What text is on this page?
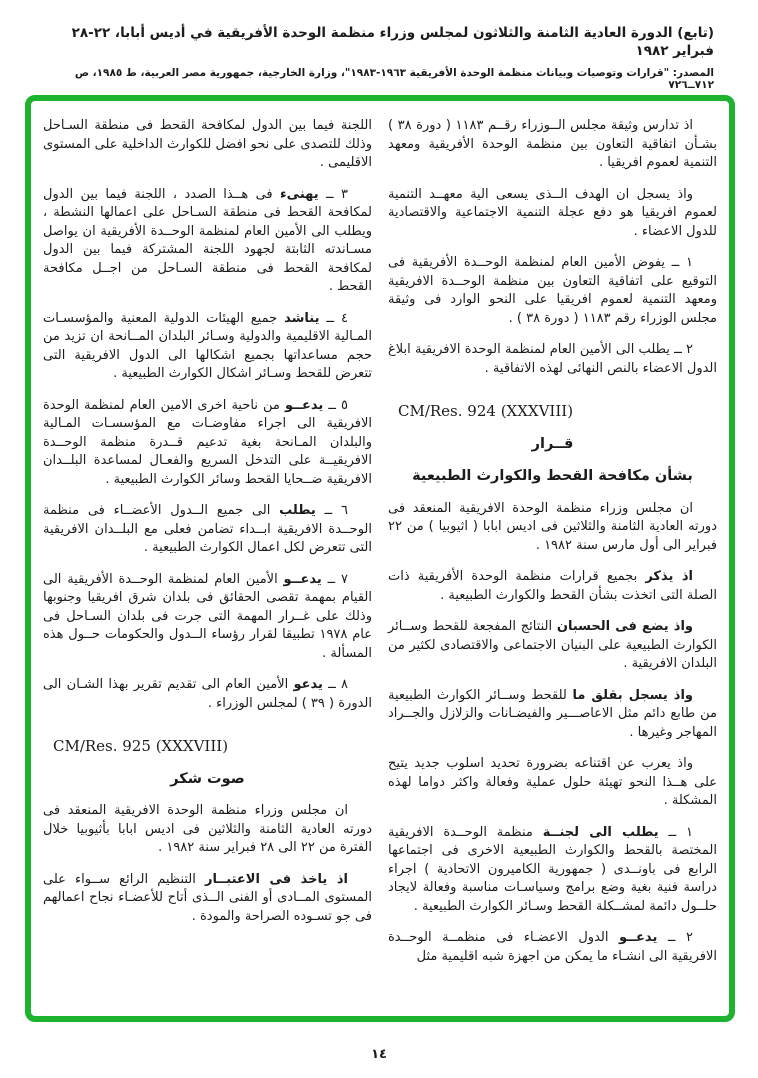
(تابع) الدورة العادية الثامنة والثلاثون لمجلس وزراء منظمة الوحدة الأفريقية في أديس أبابا، ٢٢-٢٨ فبراير ١٩٨٢
المصدر: "قرارات وتوصيات وبيانات منظمة الوحدة الأفريقية ١٩٦٣-١٩٨٣"، وزارة الخارجية، جمهورية مصر العربية، ط ١٩٨٥، ص ٧١٢ــ٧٢٦

اذ تدارس وثيقة مجلس الــوزراء رقــم ١١٨٣ ( دورة ٣٨ ) بشـأن اتفاقية التعاون بين منظمة الوحدة الأفريقية ومعهد التنمية لعموم افريقيا .

واذ يسجل ان الهدف الــذى يسعى الية معهــد التنمية لعموم افريقيا هو دفع عجلة التنمية الاجتماعية والاقتصادية للدول الاعضاء .

١ ــ يفوض الأمين العام لمنظمة الوحــدة الأفريقية فى التوقيع على اتفاقية التعاون بين منظمة الوحــدة الافريقية ومعهد التنمية لعموم افريقيا على النحو الوارد فى وثيقة مجلس الوزراء رقم ١١٨٣ ( دورة ٣٨ ) .

٢ ــ يطلب الى الأمين العام لمنظمة الوحدة الافريقية ابلاغ الدول الاعضاء بالنص النهائى لهذه الاتفاقية .

CM/Res. 924 (XXXVIII)

قــرار

بشأن مكافحة القحط والكوارث الطبيعية

ان مجلس وزراء منظمة الوحدة الافريقية المنعقد فى دورته العادية الثامنة والثلاثين فى اديس ابابا ( اثيوبيا ) من ٢٢ فبراير الى أول مارس سنة ١٩٨٢ .

اذ يذكر بجميع قرارات منظمة الوحدة الأفريقية ذات الصلة التى اتخذت بشأن القحط والكوارث الطبيعية .

واذ يضع فى الحسبان النتائج المفجعة للقحط وســائر الكوارث الطبيعية على البنيان الاجتماعى والاقتصادى لكثير من البلدان الافريقية .

واذ يسجل بقلق ما للقحط وســائر الكوارث الطبيعية من طابع دائم مثل الاعاصـــير والفيضـانات والزلازل والجــراد المهاجر وغيرها .

واذ يعرب عن اقتناعه بضرورة تحديد اسلوب جديد يتيح على هــذا النحو تهيئة حلول عملية وفعالة واكثر دواما لهذه المشكلة .

١ ــ يطلب الى لجنــة منظمة الوحــدة الافريقية المختصة بالقحط والكوارث الطبيعية الاخرى فى اجتماعها الرابع فى باونــدى ( جمهورية الكاميرون الاتحادية ) اجراء دراسة فنية بغية وضع برامج وسياسـات مناسبة وفعالة لايجاد حلــول دائمة لمشــكلة القحط وسـائر الكوارث الطبيعية .

٢ ــ يدعــو الدول الاعضـاء فى منظمــة الوحــدة الافريقية الى انشـاء ما يمكن من اجهزة شبه اقليمية مثل

اللجنة فيما بين الدول لمكافحة القحط فى منطقة السـاحل وذلك للتصدى على نحو افضل للكوارث الداخلية على المستوى الاقليمى .

٣ ــ يهنىء فى هــذا الصدد ، اللجنة فيما بين الدول لمكافحة القحط فى منطقة السـاحل على اعمالها النشطة ، ويطلب الى الأمين العام لمنظمة الوحــدة الأفريقية ان يواصل مسـاندته الثابتة لجهود اللجنة المشتركة فيما بين الدول لمكافحة القحط فى منطقة السـاحل من اجــل مكافحة القحط .

٤ ــ يناشد جميع الهيئات الدولية المعنية والمؤسسـات المـالية الاقليمية والدولية وسـائر البلدان المــانحة ان تزيد من حجم مساعداتها بجميع اشكالها الى الدول الافريقية التى تتعرض للقحط وسـائر اشكال الكوارث الطبيعية .

٥ ــ يدعــو من ناحية اخرى الامين العام لمنظمة الوحدة الافريقية الى اجراء مفاوضـات مع المؤسسـات المـالية والبلدان المـانحة بغية تدعيم قــدرة منظمة الوحــدة الافريقيــة على التدخل السريع والفعـال لمساعدة البلــدان الافريقية ضــحايا القحط وسائر الكوارث الطبيعية .

٦ ــ يطلب الى جميع الــدول الأعضــاء فى منظمة الوحــدة الافريقية ابــداء تضامن فعلى مع البلــدان الافريقية التى تتعرض لكل اعمال الكوارث الطبيعية .

٧ ــ يدعــو الأمين العام لمنظمة الوحــدة الأفريقية الى القيام بمهمة تقصى الحقائق فى بلدان شرق افريقيا وجنوبها وذلك على غــرار المهمة التى جرت فى بلدان السـاحل فى عام ١٩٧٨ تطبيقا لقرار رؤساء الــدول والحكومات حــول هذه المسألة .

٨ ــ يدعو الأمين العام الى تقديم تقرير بهذا الشـان الى الدورة ( ٣٩ ) لمجلس الوزراء .

CM/Res. 925 (XXXVIII)

صوت شكر

ان مجلس وزراء منظمة الوحدة الافريقية المنعقد فى دورته العادية الثامنة والثلاثين فى اديس ابابا بأثيوبيا خلال الفترة من ٢٢ الى ٢٨ فبراير سنة ١٩٨٢ .

اذ ياخذ فى الاعتبــار التنظيم الرائع ســواء على المستوى المــادى أو الفنى الــذى أتاح للأعضـاء نجاح اعمالهم فى جو تسـوده الصراحة والمودة .

١٤
